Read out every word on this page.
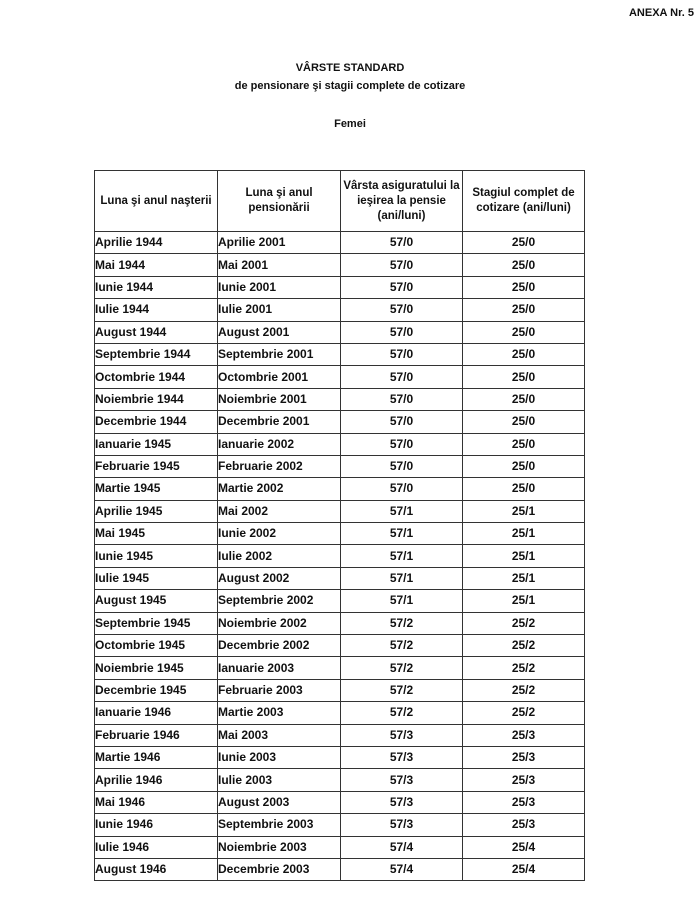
ANEXA Nr. 5
VÂRSTE STANDARD
de pensionare şi stagii complete de cotizare
Femei
Luna şi anul naşterii	Luna şi anul pensionării	Vârsta asiguratului la ieşirea la pensie (ani/luni)	Stagiul complet de cotizare (ani/luni)
Aprilie 1944	Aprilie 2001	57/0	25/0
Mai 1944	Mai 2001	57/0	25/0
Iunie 1944	Iunie 2001	57/0	25/0
Iulie 1944	Iulie 2001	57/0	25/0
August 1944	August 2001	57/0	25/0
Septembrie 1944	Septembrie 2001	57/0	25/0
Octombrie 1944	Octombrie 2001	57/0	25/0
Noiembrie 1944	Noiembrie 2001	57/0	25/0
Decembrie 1944	Decembrie 2001	57/0	25/0
Ianuarie 1945	Ianuarie 2002	57/0	25/0
Februarie 1945	Februarie 2002	57/0	25/0
Martie 1945	Martie 2002	57/0	25/0
Aprilie 1945	Mai 2002	57/1	25/1
Mai 1945	Iunie 2002	57/1	25/1
Iunie 1945	Iulie 2002	57/1	25/1
Iulie 1945	August 2002	57/1	25/1
August 1945	Septembrie 2002	57/1	25/1
Septembrie 1945	Noiembrie 2002	57/2	25/2
Octombrie 1945	Decembrie 2002	57/2	25/2
Noiembrie 1945	Ianuarie 2003	57/2	25/2
Decembrie 1945	Februarie 2003	57/2	25/2
Ianuarie 1946	Martie 2003	57/2	25/2
Februarie 1946	Mai 2003	57/3	25/3
Martie 1946	Iunie 2003	57/3	25/3
Aprilie 1946	Iulie 2003	57/3	25/3
Mai 1946	August 2003	57/3	25/3
Iunie 1946	Septembrie 2003	57/3	25/3
Iulie 1946	Noiembrie 2003	57/4	25/4
August 1946	Decembrie 2003	57/4	25/4
